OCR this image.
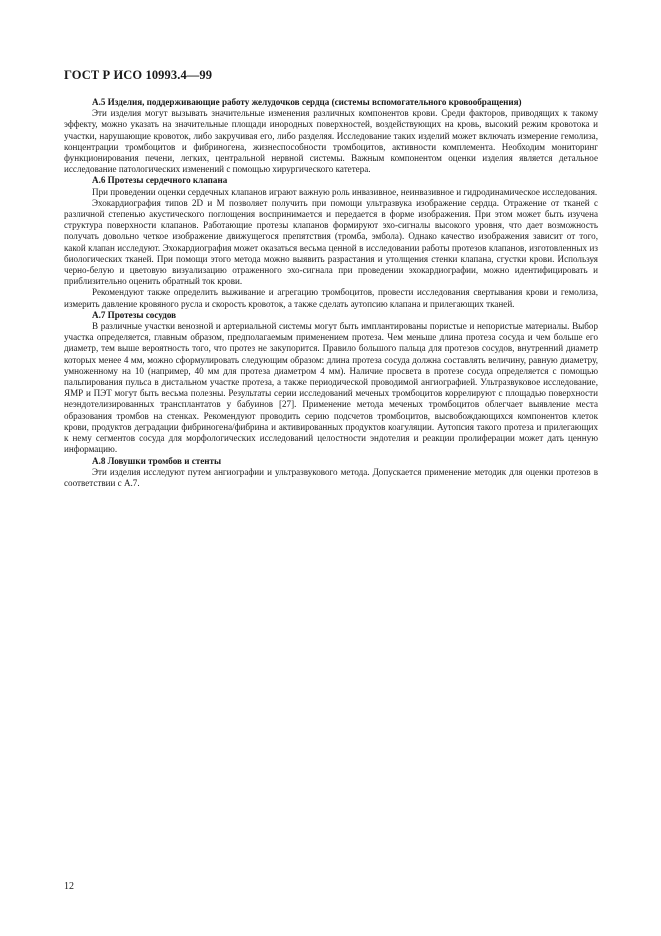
ГОСТ Р ИСО 10993.4—99
А.5 Изделия, поддерживающие работу желудочков сердца (системы вспомогательного кровообращения)

Эти изделия могут вызывать значительные изменения различных компонентов крови. Среди факторов, приводящих к такому эффекту, можно указать на значительные площади инородных поверхностей, воздействующих на кровь, высокий режим кровотока и участки, нарушающие кровоток, либо закручивая его, либо разделяя. Исследование таких изделий может включать измерение гемолиза, концентрации тромбоцитов и фибриногена, жизнеспособности тромбоцитов, активности комплемента. Необходим мониторинг функционирования печени, легких, центральной нервной системы. Важным компонентом оценки изделия является детальное исследование патологических изменений с помощью хирургического катетера.

А.6 Протезы сердечного клапана

При проведении оценки сердечных клапанов играют важную роль инвазивное, неинвазивное и гидродинамическое исследования.

Эхокардиография типов 2D и M позволяет получить при помощи ультразвука изображение сердца. Отражение от тканей с различной степенью акустического поглощения воспринимается и передается в форме изображения. При этом может быть изучена структура поверхности клапанов. Работающие протезы клапанов формируют эхо-сигналы высокого уровня, что дает возможность получать довольно четкое изображение движущегося препятствия (тромба, эмбола). Однако качество изображения зависит от того, какой клапан исследуют. Эхокардиография может оказаться весьма ценной в исследовании работы протезов клапанов, изготовленных из биологических тканей. При помощи этого метода можно выявить разрастания и утолщения стенки клапана, сгустки крови. Используя черно-белую и цветовую визуализацию отраженного эхо-сигнала при проведении эхокардиографии, можно идентифицировать и приблизительно оценить обратный ток крови.

Рекомендуют также определить выживание и агрегацию тромбоцитов, провести исследования свертывания крови и гемолиза, измерить давление кровяного русла и скорость кровоток, а также сделать аутопсию клапана и прилегающих тканей.

А.7 Протезы сосудов

В различные участки венозной и артериальной системы могут быть имплантированы пористые и непористые материалы. Выбор участка определяется, главным образом, предполагаемым применением протеза. Чем меньше длина протеза сосуда и чем больше его диаметр, тем выше вероятность того, что протез не закупорится. Правило большого пальца для протезов сосудов, внутренний диаметр которых менее 4 мм, можно сформулировать следующим образом: длина протеза сосуда должна составлять величину, равную диаметру, умноженному на 10 (например, 40 мм для протеза диаметром 4 мм). Наличие просвета в протезе сосуда определяется с помощью пальпирования пульса в дистальном участке протеза, а также периодической проводимой ангиографией. Ультразвуковое исследование, ЯМР и ПЭТ могут быть весьма полезны. Результаты серии исследований меченых тромбоцитов коррелируют с площадью поверхности неэндотелизированных трансплантатов у бабуинов [27]. Применение метода меченых тромбоцитов облегчает выявление места образования тромбов на стенках. Рекомендуют проводить серию подсчетов тромбоцитов, высвобождающихся компонентов клеток крови, продуктов деградации фибриногена/фибрина и активированных продуктов коагуляции. Аутопсия такого протеза и прилегающих к нему сегментов сосуда для морфологических исследований целостности эндотелия и реакции пролиферации может дать ценную информацию.

А.8 Ловушки тромбов и стенты

Эти изделия исследуют путем ангиографии и ультразвукового метода. Допускается применение методик для оценки протезов в соответствии с А.7.

12
